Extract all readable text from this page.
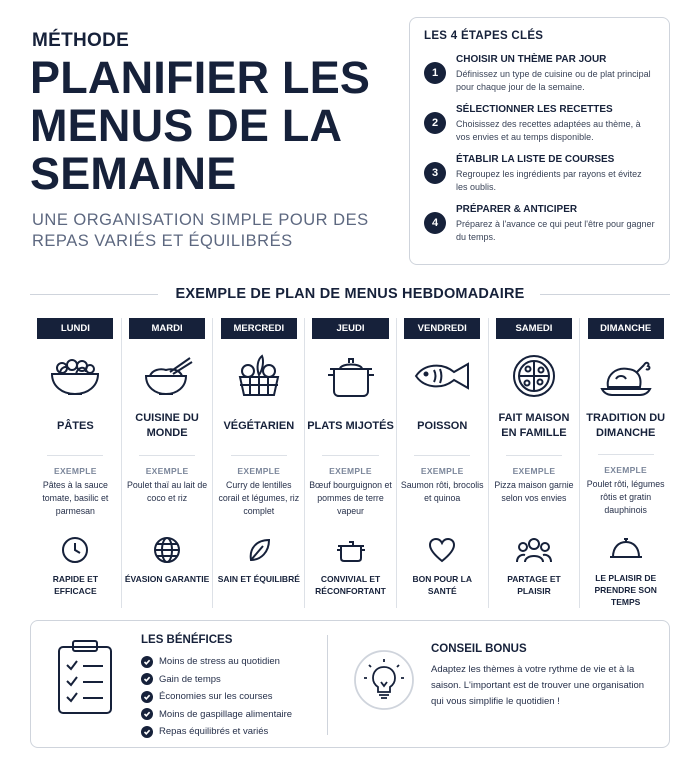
MÉTHODE
PLANIFIER LES MENUS DE LA SEMAINE
UNE ORGANISATION SIMPLE POUR DES REPAS VARIÉS ET ÉQUILIBRÉS
LES 4 ÉTAPES CLÉS
1
CHOISIR UN THÈME PAR JOUR
Définissez un type de cuisine ou de plat principal pour chaque jour de la semaine.
2
SÉLECTIONNER LES RECETTES
Choisissez des recettes adaptées au thème, à vos envies et au temps disponible.
3
ÉTABLIR LA LISTE DE COURSES
Regroupez les ingrédients par rayons et évitez les oublis.
4
PRÉPARER & ANTICIPER
Préparez à l'avance ce qui peut l'être pour gagner du temps.
EXEMPLE DE PLAN DE MENUS HEBDOMADAIRE
LUNDI
PÂTES
EXEMPLE
Pâtes à la sauce tomate, basilic et parmesan
RAPIDE ET EFFICACE
MARDI
CUISINE DU MONDE
EXEMPLE
Poulet thaï au lait de coco et riz
ÉVASION GARANTIE
MERCREDI
VÉGÉTARIEN
EXEMPLE
Curry de lentilles corail et légumes, riz complet
SAIN ET ÉQUILIBRÉ
JEUDI
PLATS MIJOTÉS
EXEMPLE
Bœuf bourguignon et pommes de terre vapeur
CONVIVIAL ET RÉCONFORTANT
VENDREDI
POISSON
EXEMPLE
Saumon rôti, brocolis et quinoa
BON POUR LA SANTÉ
SAMEDI
FAIT MAISON EN FAMILLE
EXEMPLE
Pizza maison garnie selon vos envies
PARTAGE ET PLAISIR
DIMANCHE
TRADITION DU DIMANCHE
EXEMPLE
Poulet rôti, légumes rôtis et gratin dauphinois
LE PLAISIR DE PRENDRE SON TEMPS
LES BÉNÉFICES
Moins de stress au quotidien
Gain de temps
Économies sur les courses
Moins de gaspillage alimentaire
Repas équilibrés et variés
CONSEIL BONUS
Adaptez les thèmes à votre rythme de vie et à la saison. L'important est de trouver une organisation qui vous simplifie le quotidien !
